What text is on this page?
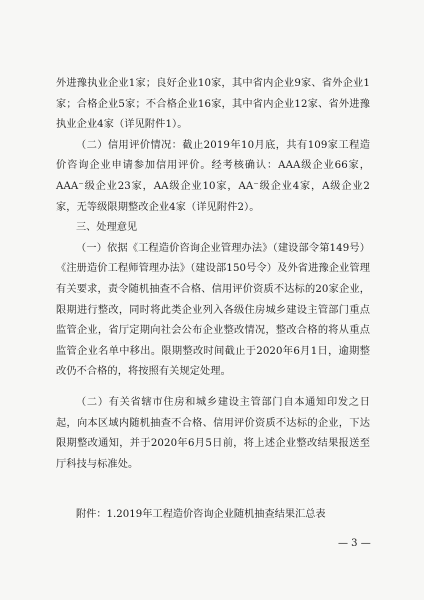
外进豫执业企业1家；良好企业10家，其中省内企业9家、省外企业1家；合格企业5家；不合格企业16家，其中省内企业12家、省外进豫执业企业4家（详见附件1）。

（二）信用评价情况：截止2019年10月底，共有109家工程造价咨询企业申请参加信用评价。经考核确认：AAA级企业66家，AAA⁻级企业23家，AA级企业10家，AA⁻级企业4家，A级企业2家，无等级限期整改企业4家（详见附件2）。

三、处理意见

（一）依据《工程造价咨询企业管理办法》（建设部令第149号）《注册造价工程师管理办法》（建设部150号令）及外省进豫企业管理有关要求，责令随机抽查不合格、信用评价资质不达标的20家企业，限期进行整改，同时将此类企业列入各级住房城乡建设主管部门重点监管企业，省厅定期向社会公布企业整改情况，整改合格的将从重点监管企业名单中移出。限期整改时间截止于2020年6月1日，逾期整改仍不合格的，将按照有关规定处理。

（二）有关省辖市住房和城乡建设主管部门自本通知印发之日起，向本区域内随机抽查不合格、信用评价资质不达标的企业，下达限期整改通知，并于2020年6月5日前，将上述企业整改结果报送至厅科技与标准处。

附件：1.2019年工程造价咨询企业随机抽查结果汇总表
— 3 —
